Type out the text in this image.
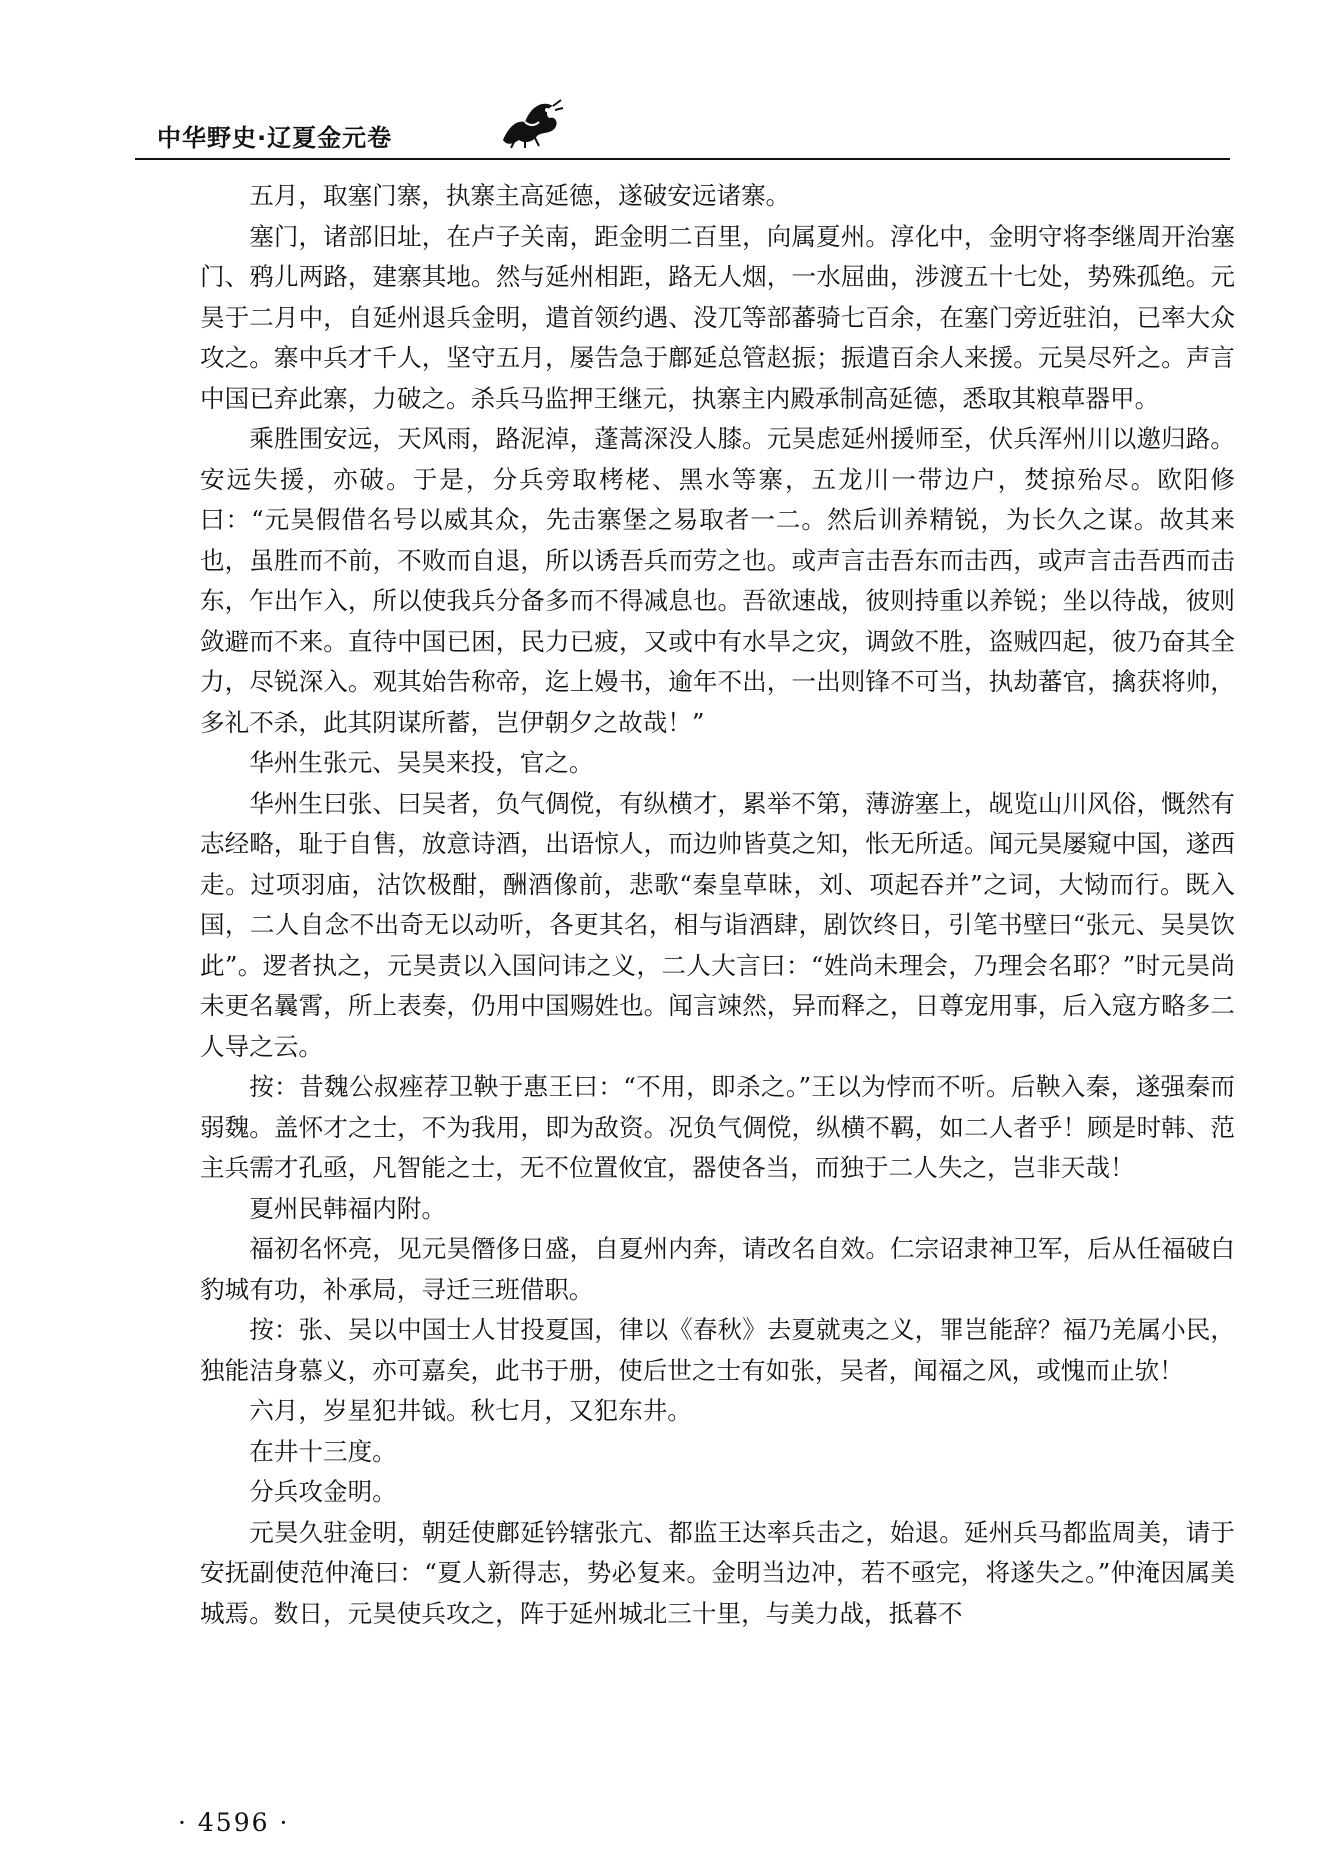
中华野史·辽夏金元卷

五月，取塞门寨，执寨主高延德，遂破安远诸寨。

塞门，诸部旧址，在卢子关南，距金明二百里，向属夏州。淳化中，金明守将李继周开治塞门、鸦儿两路，建寨其地。然与延州相距，路无人烟，一水屈曲，涉渡五十七处，势殊孤绝。元昊于二月中，自延州退兵金明，遣首领约遇、没兀等部蕃骑七百余，在塞门旁近驻泊，已率大众攻之。寨中兵才千人，坚守五月，屡告急于鄜延总管赵振；振遣百余人来援。元昊尽歼之。声言中国已弃此寨，力破之。杀兵马监押王继元，执寨主内殿承制高延德，悉取其粮草器甲。

乘胜围安远，天风雨，路泥淖，蓬蒿深没人膝。元昊虑延州援师至，伏兵浑州川以邀归路。安远失援，亦破。于是，分兵旁取栲栳、黑水等寨，五龙川一带边户，焚掠殆尽。欧阳修曰：“元昊假借名号以威其众，先击寨堡之易取者一二。然后训养精锐，为长久之谋。故其来也，虽胜而不前，不败而自退，所以诱吾兵而劳之也。或声言击吾东而击西，或声言击吾西而击东，乍出乍入，所以使我兵分备多而不得减息也。吾欲速战，彼则持重以养锐；坐以待战，彼则敛避而不来。直待中国已困，民力已疲，又或中有水旱之灾，调敛不胜，盗贼四起，彼乃奋其全力，尽锐深入。观其始告称帝，迄上嫚书，逾年不出，一出则锋不可当，执劫蕃官，擒获将帅，多礼不杀，此其阴谋所蓄，岂伊朝夕之故哉！”

华州生张元、吴昊来投，官之。

华州生曰张、曰吴者，负气倜傥，有纵横才，累举不第，薄游塞上，觇览山川风俗，慨然有志经略，耻于自售，放意诗酒，出语惊人，而边帅皆莫之知，怅无所适。闻元昊屡窥中国，遂西走。过项羽庙，沽饮极酣，酬酒像前，悲歌“秦皇草昧，刘、项起吞并”之词，大恸而行。既入国，二人自念不出奇无以动听，各更其名，相与诣酒肆，剧饮终日，引笔书壁曰“张元、吴昊饮此”。逻者执之，元昊责以入国问讳之义，二人大言曰：“姓尚未理会，乃理会名耶？”时元昊尚未更名曩霄，所上表奏，仍用中国赐姓也。闻言竦然，异而释之，日尊宠用事，后入寇方略多二人导之云。

按：昔魏公叔痤荐卫鞅于惠王曰：“不用，即杀之。”王以为悖而不听。后鞅入秦，遂强秦而弱魏。盖怀才之士，不为我用，即为敌资。况负气倜傥，纵横不羁，如二人者乎！顾是时韩、范主兵需才孔亟，凡智能之士，无不位置攸宜，器使各当，而独于二人失之，岂非天哉！

夏州民韩福内附。

福初名怀亮，见元昊僭侈日盛，自夏州内奔，请改名自效。仁宗诏隶神卫军，后从任福破白豹城有功，补承局，寻迁三班借职。

按：张、吴以中国士人甘投夏国，律以《春秋》去夏就夷之义，罪岂能辞？福乃羌属小民，独能洁身慕义，亦可嘉矣，此书于册，使后世之士有如张，吴者，闻福之风，或愧而止欤！

六月，岁星犯井钺。秋七月，又犯东井。

在井十三度。

分兵攻金明。

元昊久驻金明，朝廷使鄜延钤辖张亢、都监王达率兵击之，始退。延州兵马都监周美，请于安抚副使范仲淹曰：“夏人新得志，势必复来。金明当边冲，若不亟完，将遂失之。”仲淹因属美城焉。数日，元昊使兵攻之，阵于延州城北三十里，与美力战，抵暮不

· 4596 ·
